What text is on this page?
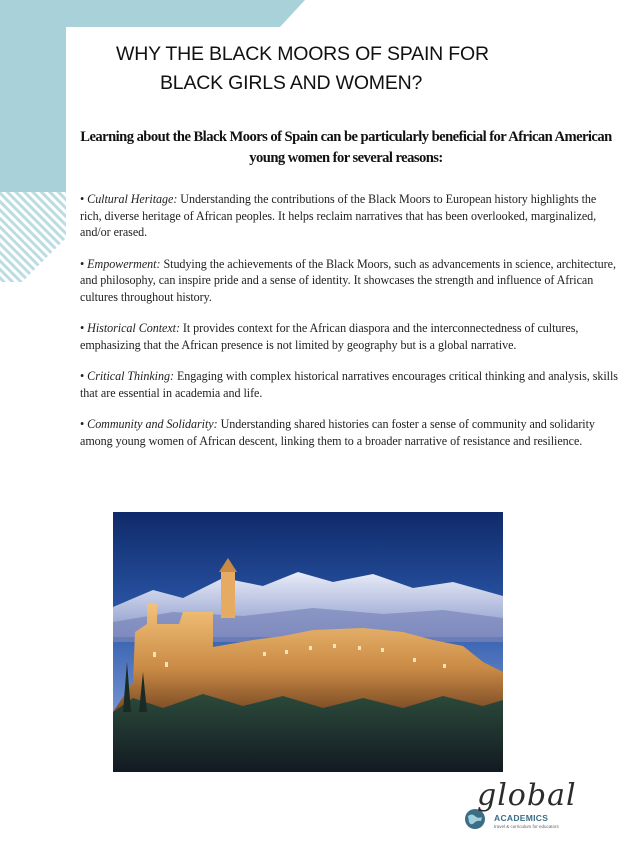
WHY THE BLACK MOORS OF SPAIN FOR
BLACK GIRLS AND WOMEN?
Learning about the Black Moors of Spain can be particularly beneficial for African American young women for several reasons:
• Cultural Heritage: Understanding the contributions of the Black Moors to European history highlights the rich, diverse heritage of African peoples. It helps reclaim narratives that has been overlooked, marginalized, and/or erased.
• Empowerment: Studying the achievements of the Black Moors, such as advancements in science, architecture, and philosophy, can inspire pride and a sense of identity. It showcases the strength and influence of African cultures throughout history.
• Historical Context: It provides context for the African diaspora and the interconnectedness of cultures, emphasizing that the African presence is not limited by geography but is a global narrative.
• Critical Thinking: Engaging with complex historical narratives encourages critical thinking and analysis, skills that are essential in academia and life.
• Community and Solidarity: Understanding shared histories can foster a sense of community and solidarity among young women of African descent, linking them to a broader narrative of resistance and resilience.
global
ACADEMICS
travel & curriculum for educators
